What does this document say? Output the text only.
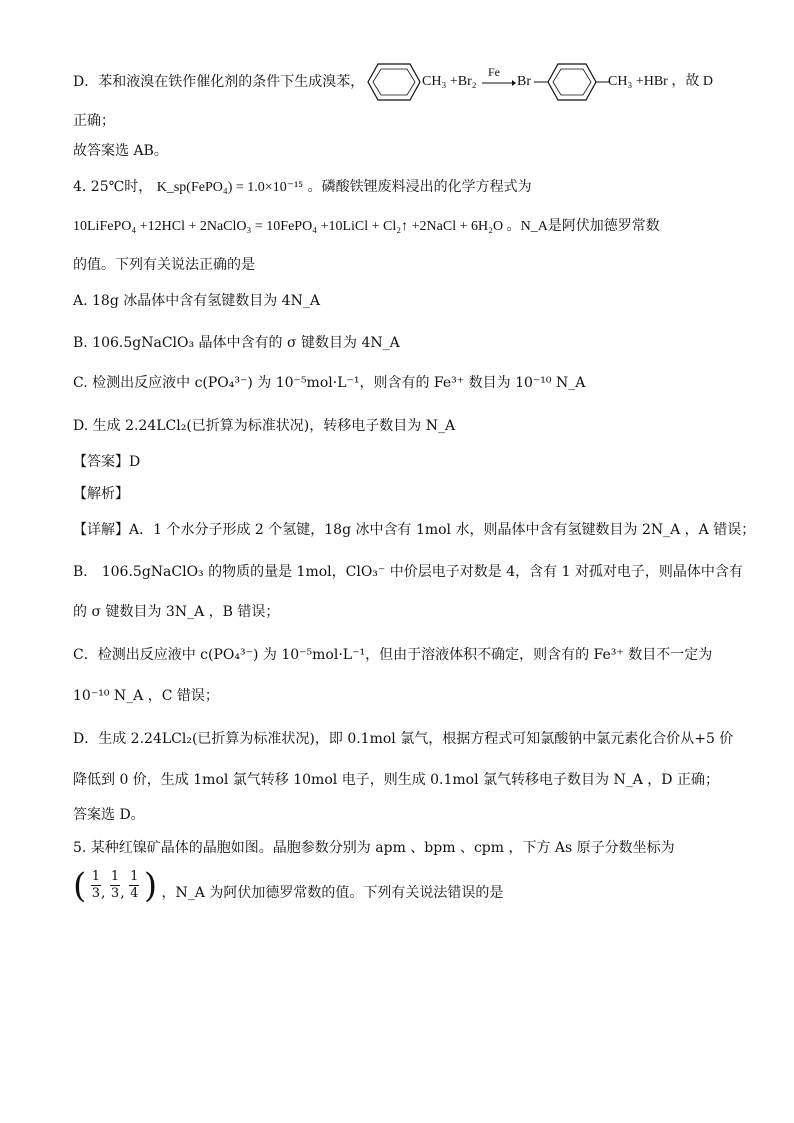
D．苯和液溴在铁作催化剂的条件下生成溴苯，	CH₃ +Br₂
Fe
→ Br	CH₃ +HBr ，故 D
正确；
故答案选 AB。
4. 25℃时， K_sp(FePO₄) = 1.0×10⁻¹⁵ 。磷酸铁锂废料浸出的化学方程式为
10LiFePO₄ +12HCl + 2NaClO₃ = 10FePO₄ +10LiCl + Cl₂↑ +2NaCl + 6H₂O 。N_A是阿伏加德罗常数
的值。下列有关说法正确的是
A. 18g 冰晶体中含有氢键数目为 4N_A
B. 106.5gNaClO₃ 晶体中含有的 σ 键数目为 4N_A
C. 检测出反应液中 c(PO₄³⁻) 为 10⁻⁵mol·L⁻¹，则含有的 Fe³⁺ 数目为 10⁻¹⁰ N_A
D. 生成 2.24LCl₂(已折算为标准状况)，转移电子数目为 N_A
【答案】D
【解析】
【详解】A．1 个水分子形成 2 个氢键，18g 冰中含有 1mol 水，则晶体中含有氢键数目为 2N_A ，A 错误；
B． 106.5gNaClO₃ 的物质的量是 1mol，ClO₃⁻ 中价层电子对数是 4，含有 1 对孤对电子，则晶体中含有
的 σ 键数目为 3N_A ，B 错误；
C．检测出反应液中 c(PO₄³⁻) 为 10⁻⁵mol·L⁻¹，但由于溶液体积不确定，则含有的 Fe³⁺ 数目不一定为
10⁻¹⁰ N_A ，C 错误；
D．生成 2.24LCl₂(已折算为标准状况)，即 0.1mol 氯气，根据方程式可知氯酸钠中氯元素化合价从+5 价
降低到 0 价，生成 1mol 氯气转移 10mol 电子，则生成 0.1mol 氯气转移电子数目为 N_A ，D 正确；
答案选 D。
5. 某种红镍矿晶体的晶胞如图。晶胞参数分别为 apm 、bpm 、cpm ，下方 As 原子分数坐标为
( $\frac{1}{3}$ , $\frac{1}{3}$ , $\frac{1}{4}$ ) ，N_A 为阿伏加德罗常数的值。下列有关说法错误的是
